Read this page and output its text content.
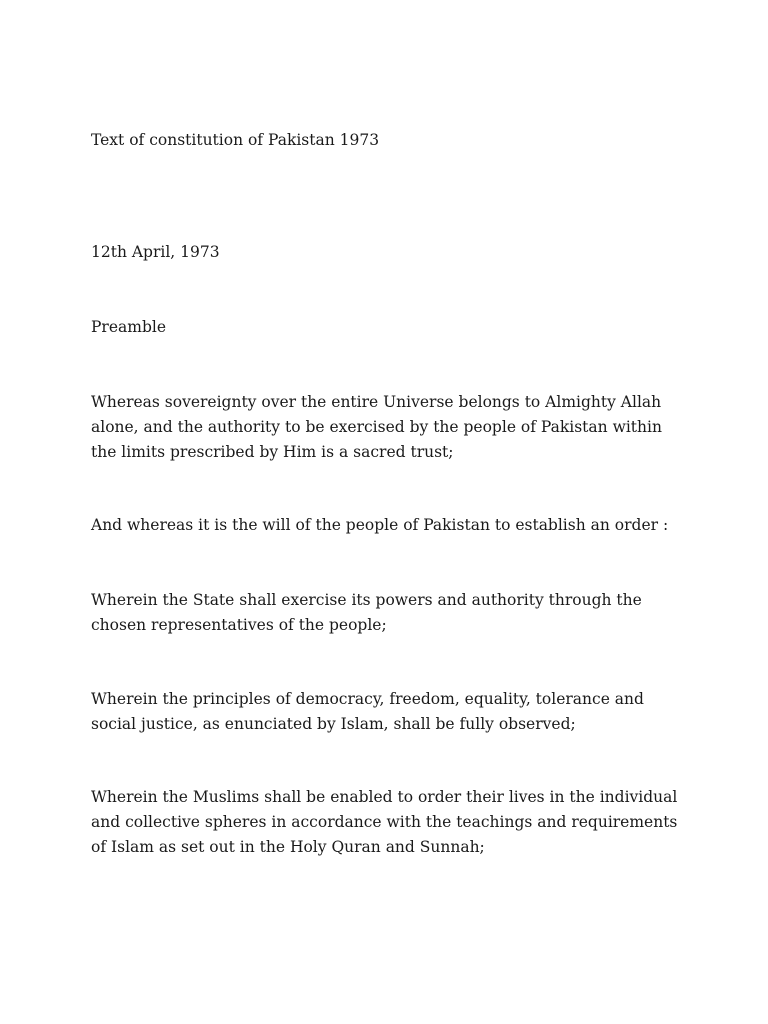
Text of constitution of Pakistan 1973

12th April, 1973

Preamble

Whereas sovereignty over the entire Universe belongs to Almighty Allah alone, and the authority to be exercised by the people of Pakistan within the limits prescribed by Him is a sacred trust;

And whereas it is the will of the people of Pakistan to establish an order :

Wherein the State shall exercise its powers and authority through the chosen representatives of the people;

Wherein the principles of democracy, freedom, equality, tolerance and social justice, as enunciated by Islam, shall be fully observed;

Wherein the Muslims shall be enabled to order their lives in the individual and collective spheres in accordance with the teachings and requirements of Islam as set out in the Holy Quran and Sunnah;
